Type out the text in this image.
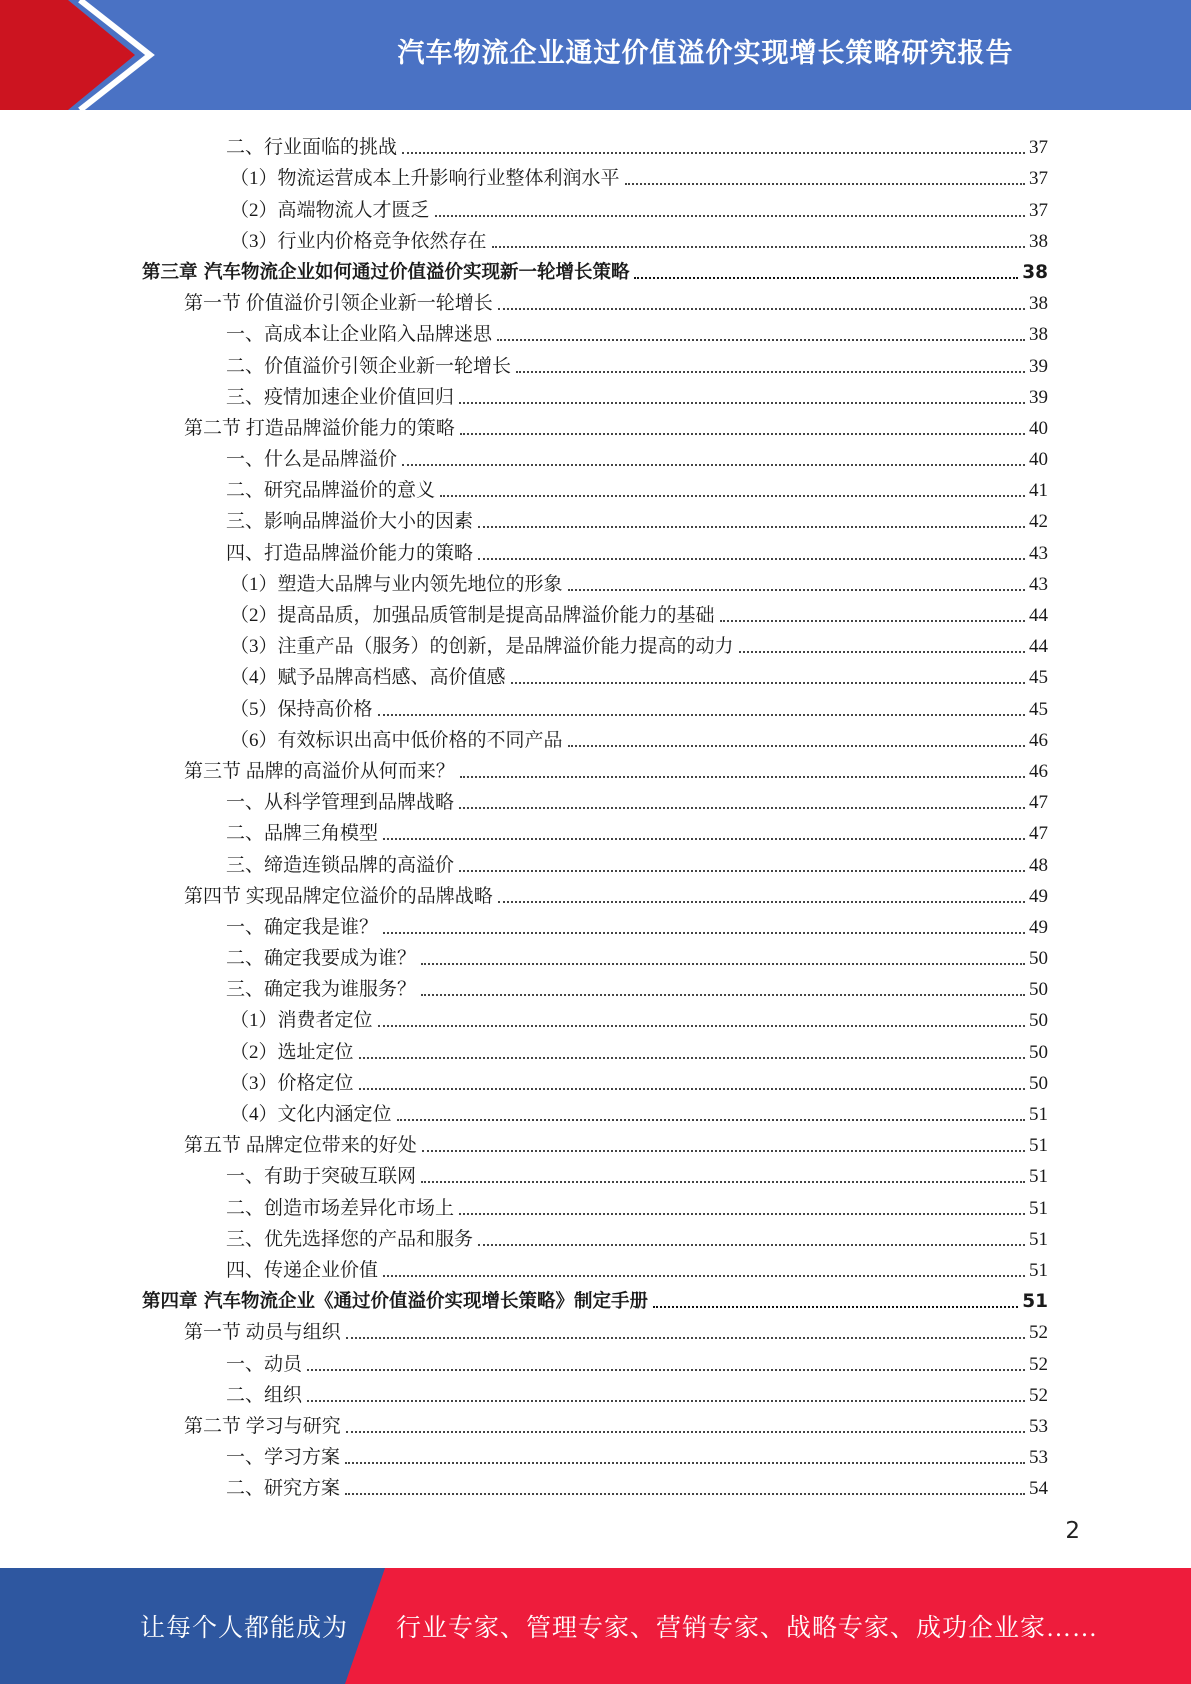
汽车物流企业通过价值溢价实现增长策略研究报告
二、行业面临的挑战	37
（1）物流运营成本上升影响行业整体利润水平	37
（2）高端物流人才匮乏	37
（3）行业内价格竞争依然存在	38
第三章 汽车物流企业如何通过价值溢价实现新一轮增长策略	38
第一节 价值溢价引领企业新一轮增长	38
一、高成本让企业陷入品牌迷思	38
二、价值溢价引领企业新一轮增长	39
三、疫情加速企业价值回归	39
第二节 打造品牌溢价能力的策略	40
一、什么是品牌溢价	40
二、研究品牌溢价的意义	41
三、影响品牌溢价大小的因素	42
四、打造品牌溢价能力的策略	43
（1）塑造大品牌与业内领先地位的形象	43
（2）提高品质，加强品质管制是提高品牌溢价能力的基础	44
（3）注重产品（服务）的创新，是品牌溢价能力提高的动力	44
（4）赋予品牌高档感、高价值感	45
（5）保持高价格	45
（6）有效标识出高中低价格的不同产品	46
第三节 品牌的高溢价从何而来？	46
一、从科学管理到品牌战略	47
二、品牌三角模型	47
三、缔造连锁品牌的高溢价	48
第四节 实现品牌定位溢价的品牌战略	49
一、确定我是谁？	49
二、确定我要成为谁？	50
三、确定我为谁服务？	50
（1）消费者定位	50
（2）选址定位	50
（3）价格定位	50
（4）文化内涵定位	51
第五节 品牌定位带来的好处	51
一、有助于突破互联网	51
二、创造市场差异化市场上	51
三、优先选择您的产品和服务	51
四、传递企业价值	51
第四章 汽车物流企业《通过价值溢价实现增长策略》制定手册	51
第一节 动员与组织	52
一、动员	52
二、组织	52
第二节 学习与研究	53
一、学习方案	53
二、研究方案	54
2
让每个人都能成为 行业专家、管理专家、营销专家、战略专家、成功企业家……
